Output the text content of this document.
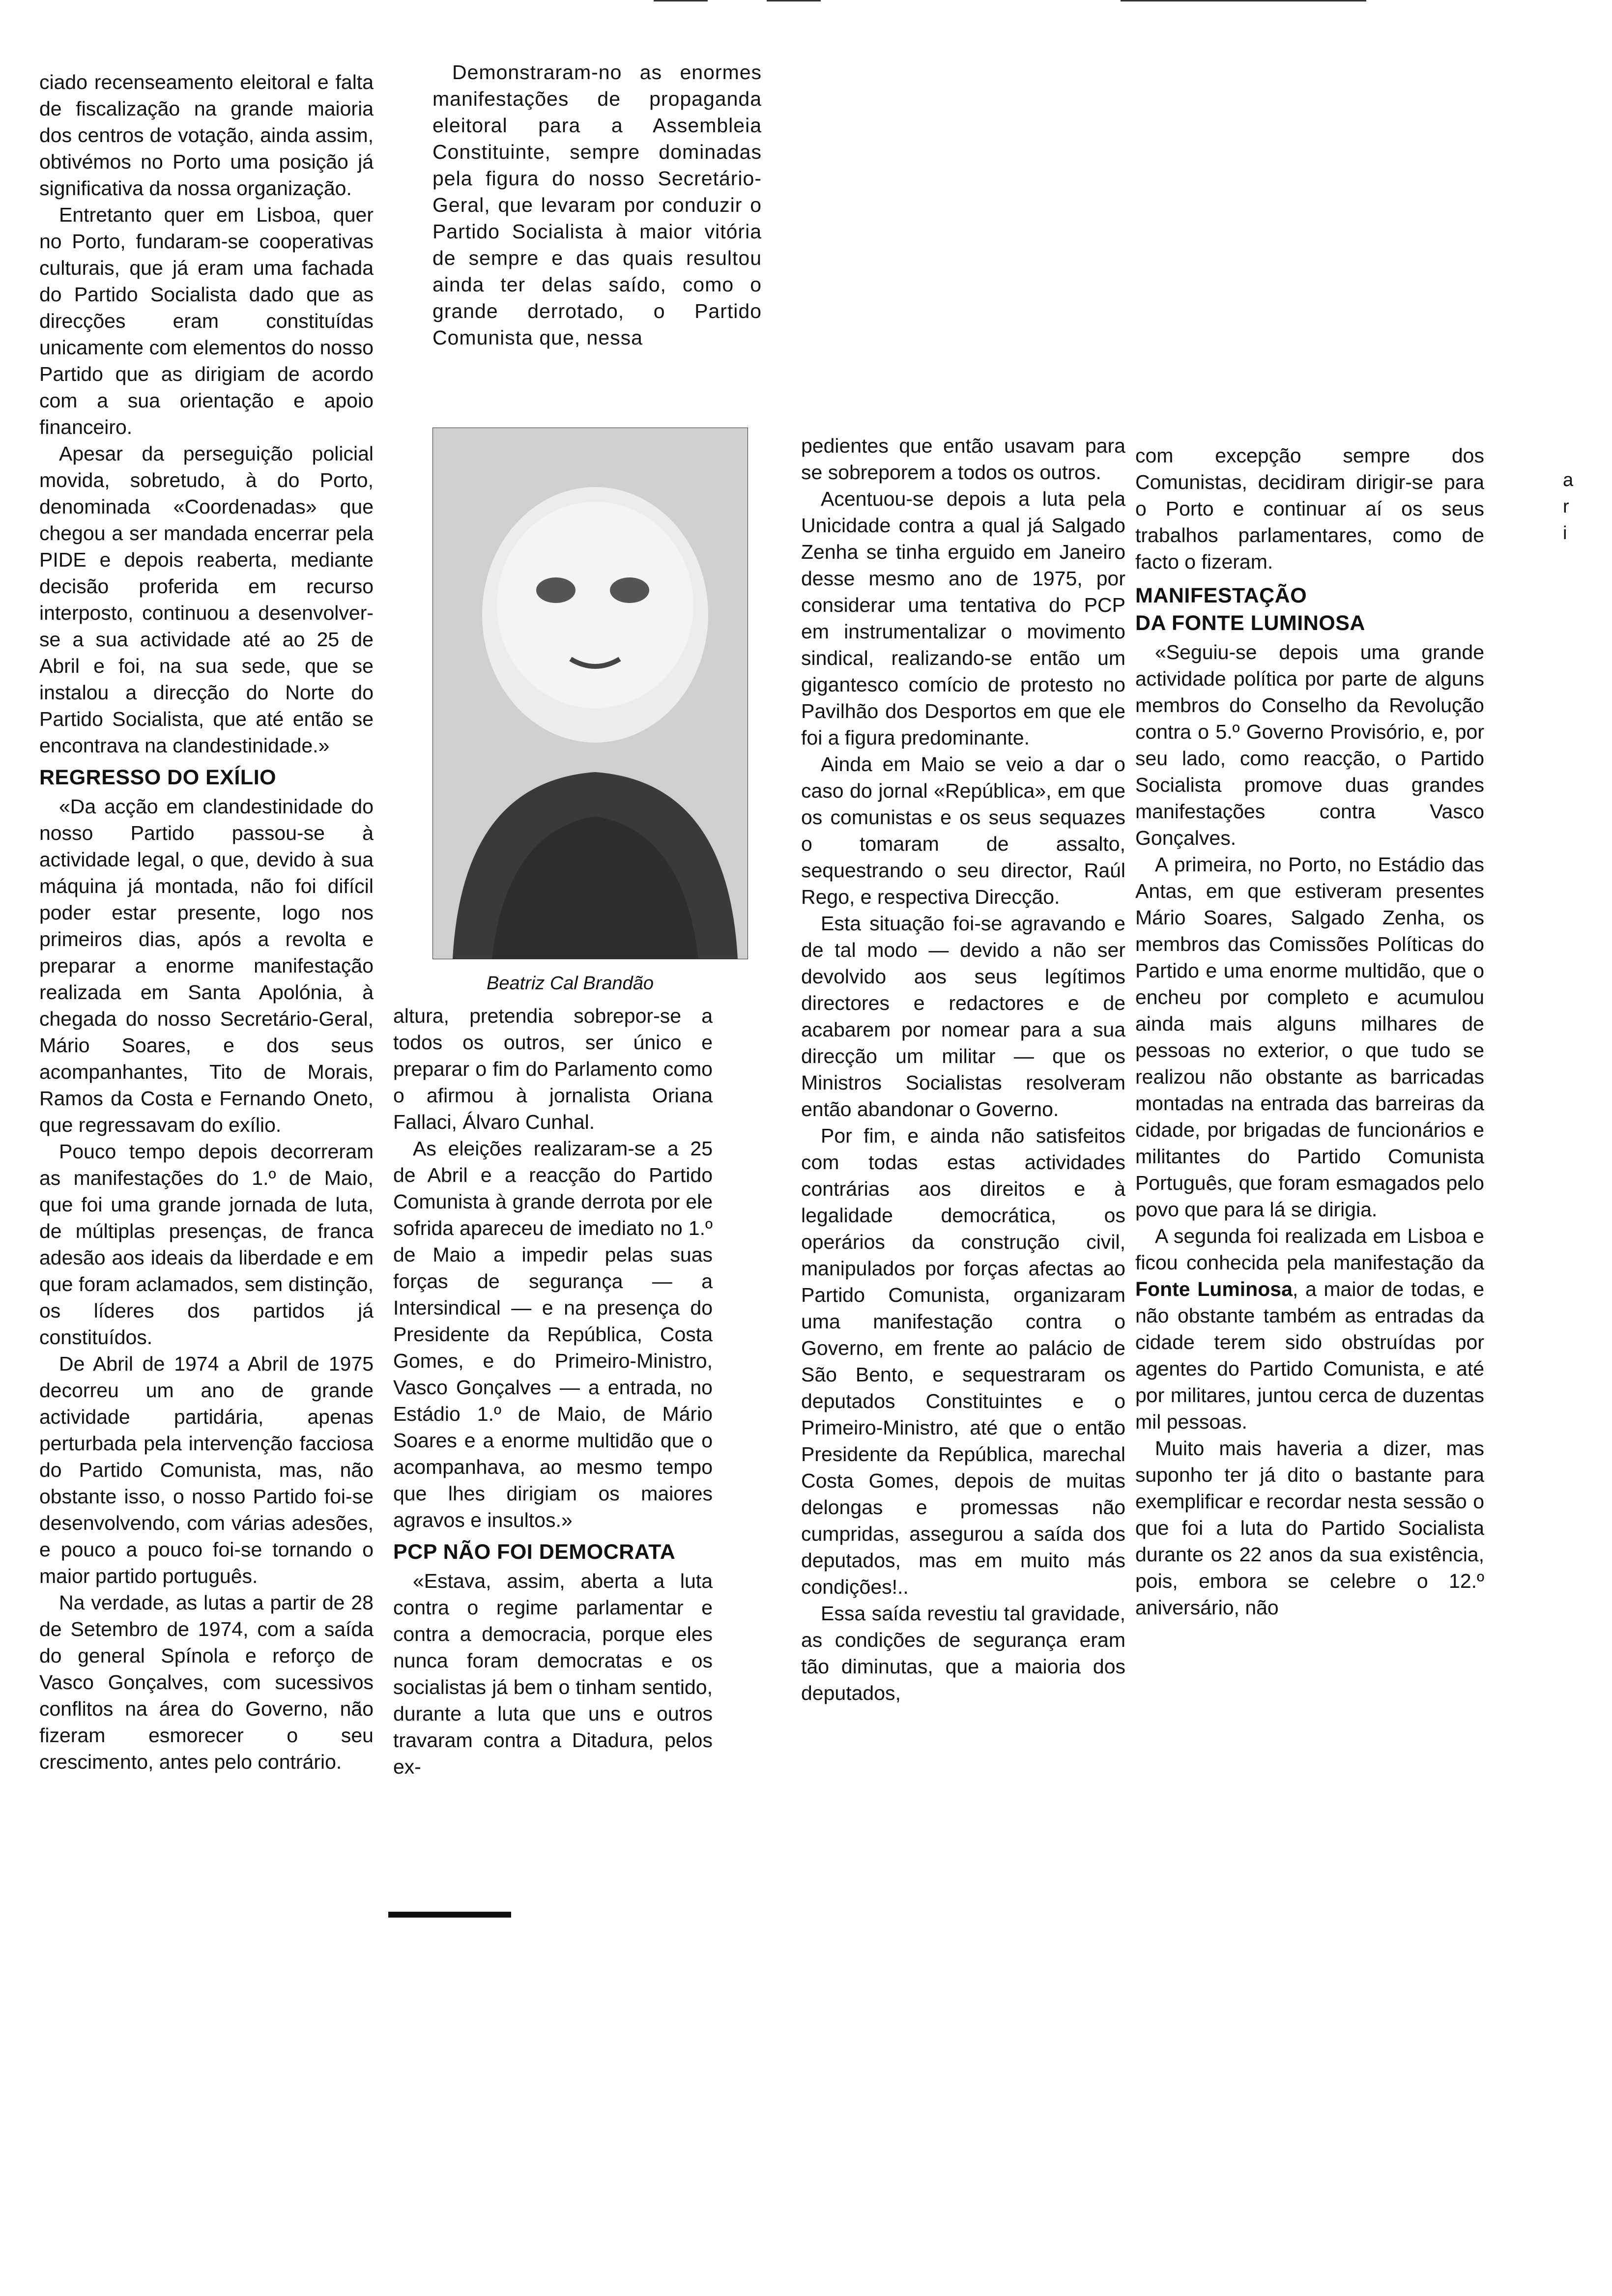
ciado recenseamento eleitoral e falta de fiscalização na grande maioria dos centros de votação, ainda assim, obtivémos no Porto uma posição já significativa da nossa organização.

Entretanto quer em Lisboa, quer no Porto, fundaram-se cooperativas culturais, que já eram uma fachada do Partido Socialista dado que as direcções eram constituídas unicamente com elementos do nosso Partido que as dirigiam de acordo com a sua orientação e apoio financeiro.

Apesar da perseguição policial movida, sobretudo, à do Porto, denominada «Coordenadas» que chegou a ser mandada encerrar pela PIDE e depois reaberta, mediante decisão proferida em recurso interposto, continuou a desenvolver-se a sua actividade até ao 25 de Abril e foi, na sua sede, que se instalou a direcção do Norte do Partido Socialista, que até então se encontrava na clandestinidade.»

REGRESSO DO EXÍLIO

«Da acção em clandestinidade do nosso Partido passou-se à actividade legal, o que, devido à sua máquina já montada, não foi difícil poder estar presente, logo nos primeiros dias, após a revolta e preparar a enorme manifestação realizada em Santa Apolónia, à chegada do nosso Secretário-Geral, Mário Soares, e dos seus acompanhantes, Tito de Morais, Ramos da Costa e Fernando Oneto, que regressavam do exílio.

Pouco tempo depois decorreram as manifestações do 1.º de Maio, que foi uma grande jornada de luta, de múltiplas presenças, de franca adesão aos ideais da liberdade e em que foram aclamados, sem distinção, os líderes dos partidos já constituídos.

De Abril de 1974 a Abril de 1975 decorreu um ano de grande actividade partidária, apenas perturbada pela intervenção facciosa do Partido Comunista, mas, não obstante isso, o nosso Partido foi-se desenvolvendo, com várias adesões, e pouco a pouco foi-se tornando o maior partido português.

Na verdade, as lutas a partir de 28 de Setembro de 1974, com a saída do general Spínola e reforço de Vasco Gonçalves, com sucessivos conflitos na área do Governo, não fizeram esmorecer o seu crescimento, antes pelo contrário.

Demonstraram-no as enormes manifestações de propaganda eleitoral para a Assembleia Constituinte, sempre dominadas pela figura do nosso Secretário-Geral, que levaram por conduzir o Partido Socialista à maior vitória de sempre e das quais resultou ainda ter delas saído, como o grande derrotado, o Partido Comunista que, nessa

Beatriz Cal Brandão

altura, pretendia sobrepor-se a todos os outros, ser único e preparar o fim do Parlamento como o afirmou à jornalista Oriana Fallaci, Álvaro Cunhal.

As eleições realizaram-se a 25 de Abril e a reacção do Partido Comunista à grande derrota por ele sofrida apareceu de imediato no 1.º de Maio a impedir pelas suas forças de segurança — a Intersindical — e na presença do Presidente da República, Costa Gomes, e do Primeiro-Ministro, Vasco Gonçalves — a entrada, no Estádio 1.º de Maio, de Mário Soares e a enorme multidão que o acompanhava, ao mesmo tempo que lhes dirigiam os maiores agravos e insultos.»

PCP NÃO FOI DEMOCRATA

«Estava, assim, aberta a luta contra o regime parlamentar e contra a democracia, porque eles nunca foram democratas e os socialistas já bem o tinham sentido, durante a luta que uns e outros travaram contra a Ditadura, pelos ex-

pedientes que então usavam para se sobreporem a todos os outros.

Acentuou-se depois a luta pela Unicidade contra a qual já Salgado Zenha se tinha erguido em Janeiro desse mesmo ano de 1975, por considerar uma tentativa do PCP em instrumentalizar o movimento sindical, realizando-se então um gigantesco comício de protesto no Pavilhão dos Desportos em que ele foi a figura predominante.

Ainda em Maio se veio a dar o caso do jornal «República», em que os comunistas e os seus sequazes o tomaram de assalto, sequestrando o seu director, Raúl Rego, e respectiva Direcção.

Esta situação foi-se agravando e de tal modo — devido a não ser devolvido aos seus legítimos directores e redactores e de acabarem por nomear para a sua direcção um militar — que os Ministros Socialistas resolveram então abandonar o Governo.

Por fim, e ainda não satisfeitos com todas estas actividades contrárias aos direitos e à legalidade democrática, os operários da construção civil, manipulados por forças afectas ao Partido Comunista, organizaram uma manifestação contra o Governo, em frente ao palácio de São Bento, e sequestraram os deputados Constituintes e o Primeiro-Ministro, até que o então Presidente da República, marechal Costa Gomes, depois de muitas delongas e promessas não cumpridas, assegurou a saída dos deputados, mas em muito más condições!..

Essa saída revestiu tal gravidade, as condições de segurança eram tão diminutas, que a maioria dos deputados,

com excepção sempre dos Comunistas, decidiram dirigir-se para o Porto e continuar aí os seus trabalhos parlamentares, como de facto o fizeram.

MANIFESTAÇÃO
DA FONTE LUMINOSA

«Seguiu-se depois uma grande actividade política por parte de alguns membros do Conselho da Revolução contra o 5.º Governo Provisório, e, por seu lado, como reacção, o Partido Socialista promove duas grandes manifestações contra Vasco Gonçalves.

A primeira, no Porto, no Estádio das Antas, em que estiveram presentes Mário Soares, Salgado Zenha, os membros das Comissões Políticas do Partido e uma enorme multidão, que o encheu por completo e acumulou ainda mais alguns milhares de pessoas no exterior, o que tudo se realizou não obstante as barricadas montadas na entrada das barreiras da cidade, por brigadas de funcionários e militantes do Partido Comunista Português, que foram esmagados pelo povo que para lá se dirigia.

A segunda foi realizada em Lisboa e ficou conhecida pela manifestação da Fonte Luminosa, a maior de todas, e não obstante também as entradas da cidade terem sido obstruídas por agentes do Partido Comunista, e até por militares, juntou cerca de duzentas mil pessoas.

Muito mais haveria a dizer, mas suponho ter já dito o bastante para exemplificar e recordar nesta sessão o que foi a luta do Partido Socialista durante os 22 anos da sua existência, pois, embora se celebre o 12.º aniversário, não

a
r
i
